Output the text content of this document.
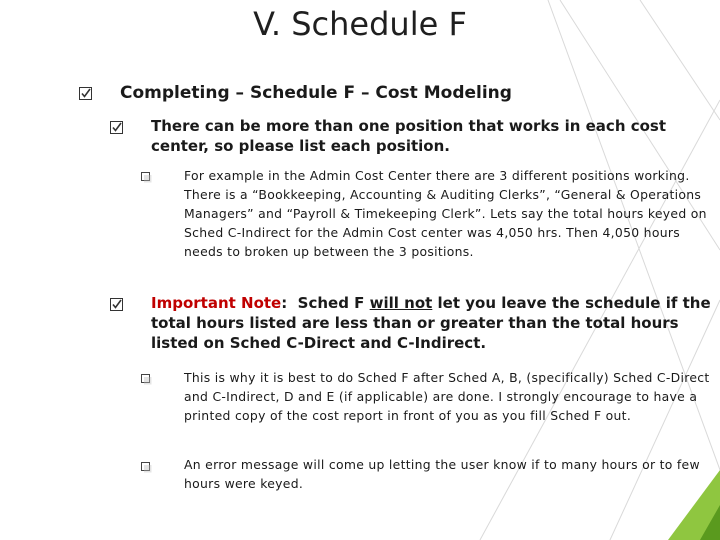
V. Schedule F
Completing – Schedule F – Cost Modeling
There can be more than one position that works in each cost center, so please list each position.
For example in the Admin Cost Center there are 3 different positions working. There is a “Bookkeeping, Accounting & Auditing Clerks”, “General & Operations Managers” and “Payroll & Timekeeping Clerk”. Lets say the total hours keyed on Sched C-Indirect for the Admin Cost center was 4,050 hrs. Then 4,050 hours needs to broken up between the 3 positions.
Important Note:  Sched F will not let you leave the schedule if the total hours listed are less than or greater than the total hours listed on Sched C-Direct and C-Indirect.
This is why it is best to do Sched F after Sched A, B, (specifically) Sched C-Direct and C-Indirect, D and E (if applicable) are done. I strongly encourage to have a printed copy of the cost report in front of you as you fill Sched F out.
An error message will come up letting the user know if to many hours or to few hours were keyed.
